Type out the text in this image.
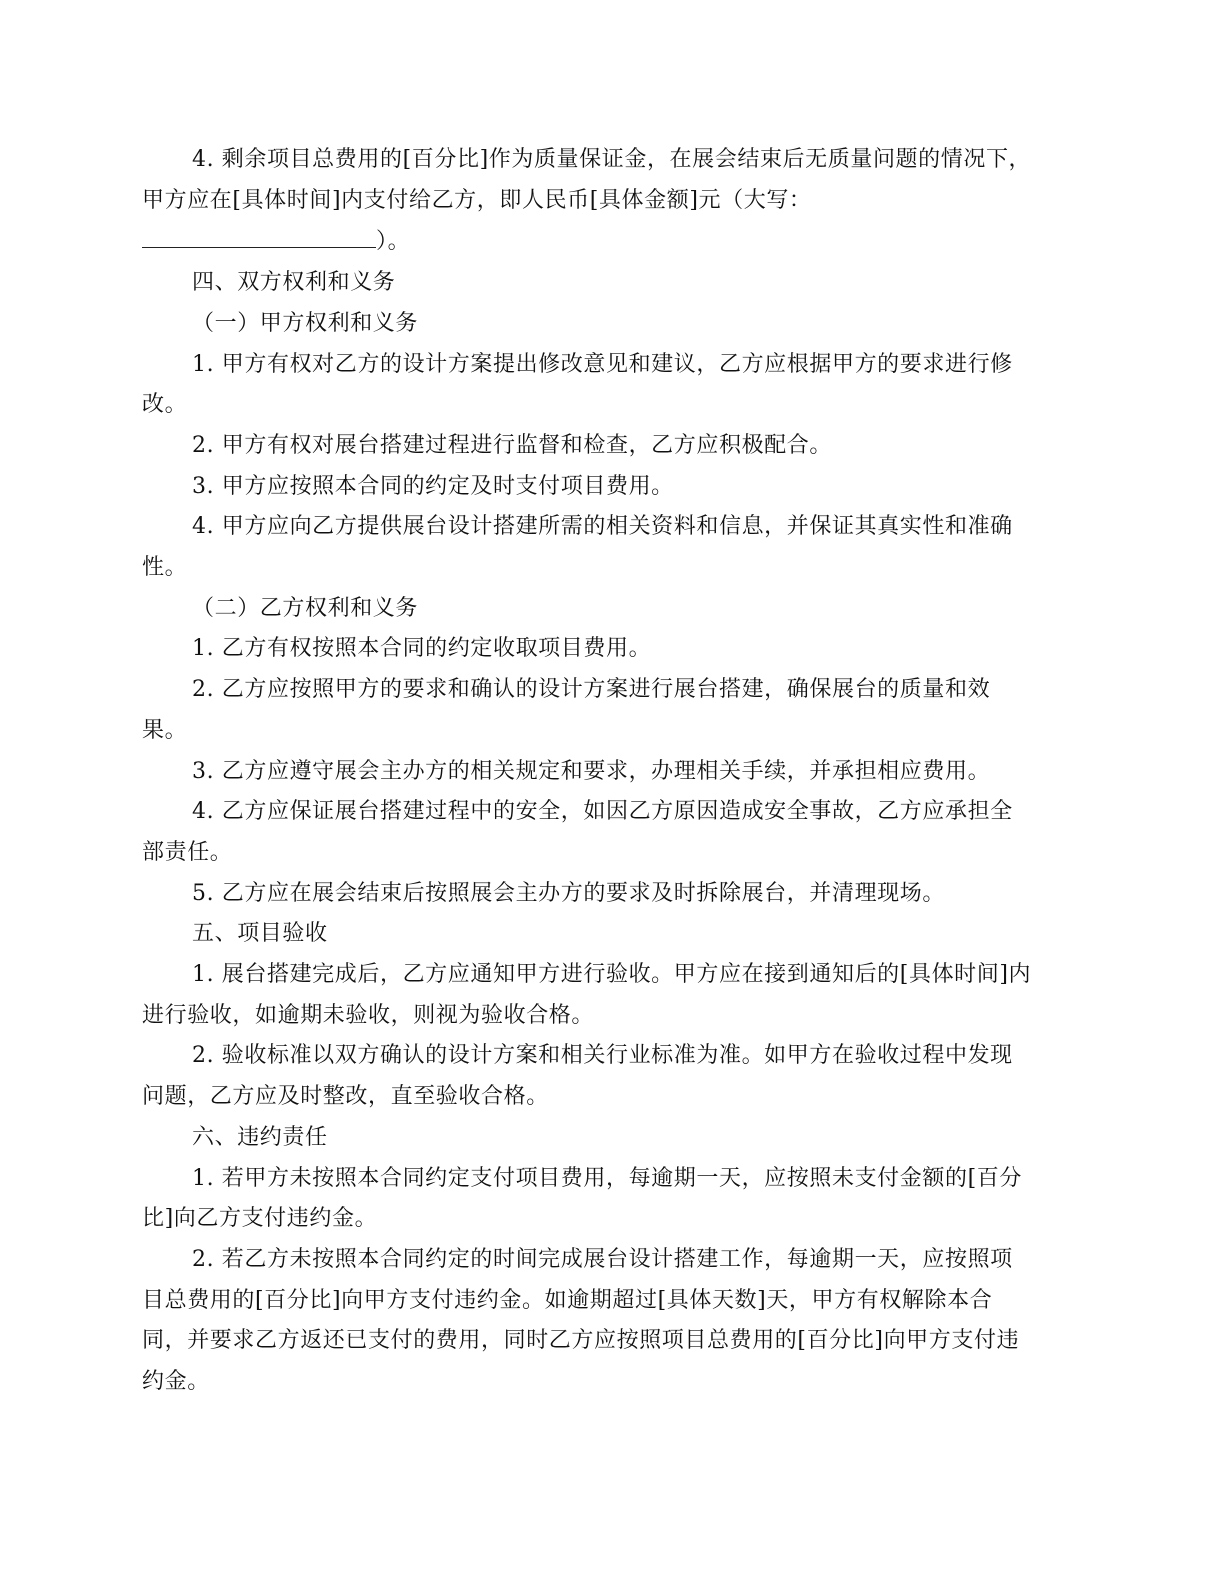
4. 剩余项目总费用的[百分比]作为质量保证金，在展会结束后无质量问题的情况下，
甲方应在[具体时间]内支付给乙方，即人民币[具体金额]元（大写：
）。
四、双方权利和义务
（一）甲方权利和义务
1. 甲方有权对乙方的设计方案提出修改意见和建议，乙方应根据甲方的要求进行修
改。
2. 甲方有权对展台搭建过程进行监督和检查，乙方应积极配合。
3. 甲方应按照本合同的约定及时支付项目费用。
4. 甲方应向乙方提供展台设计搭建所需的相关资料和信息，并保证其真实性和准确
性。
（二）乙方权利和义务
1. 乙方有权按照本合同的约定收取项目费用。
2. 乙方应按照甲方的要求和确认的设计方案进行展台搭建，确保展台的质量和效
果。
3. 乙方应遵守展会主办方的相关规定和要求，办理相关手续，并承担相应费用。
4. 乙方应保证展台搭建过程中的安全，如因乙方原因造成安全事故，乙方应承担全
部责任。
5. 乙方应在展会结束后按照展会主办方的要求及时拆除展台，并清理现场。
五、项目验收
1. 展台搭建完成后，乙方应通知甲方进行验收。甲方应在接到通知后的[具体时间]内
进行验收，如逾期未验收，则视为验收合格。
2. 验收标准以双方确认的设计方案和相关行业标准为准。如甲方在验收过程中发现
问题，乙方应及时整改，直至验收合格。
六、违约责任
1. 若甲方未按照本合同约定支付项目费用，每逾期一天，应按照未支付金额的[百分
比]向乙方支付违约金。
2. 若乙方未按照本合同约定的时间完成展台设计搭建工作，每逾期一天，应按照项
目总费用的[百分比]向甲方支付违约金。如逾期超过[具体天数]天，甲方有权解除本合
同，并要求乙方返还已支付的费用，同时乙方应按照项目总费用的[百分比]向甲方支付违
约金。
